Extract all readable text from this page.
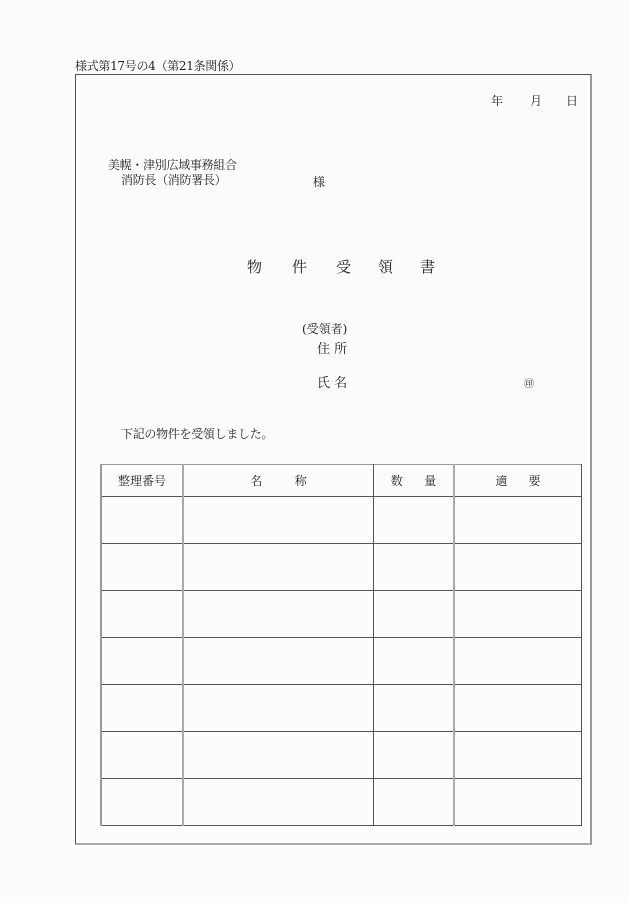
様式第17号の4（第21条関係）
年 月 日
美幌・津別広域事務組合
消防長（消防署長）	様
物 件 受 領 書
(受領者)
住 所
氏 名	㊞
下記の物件を受領しました。
整理番号	名 称	数 量	適 要
